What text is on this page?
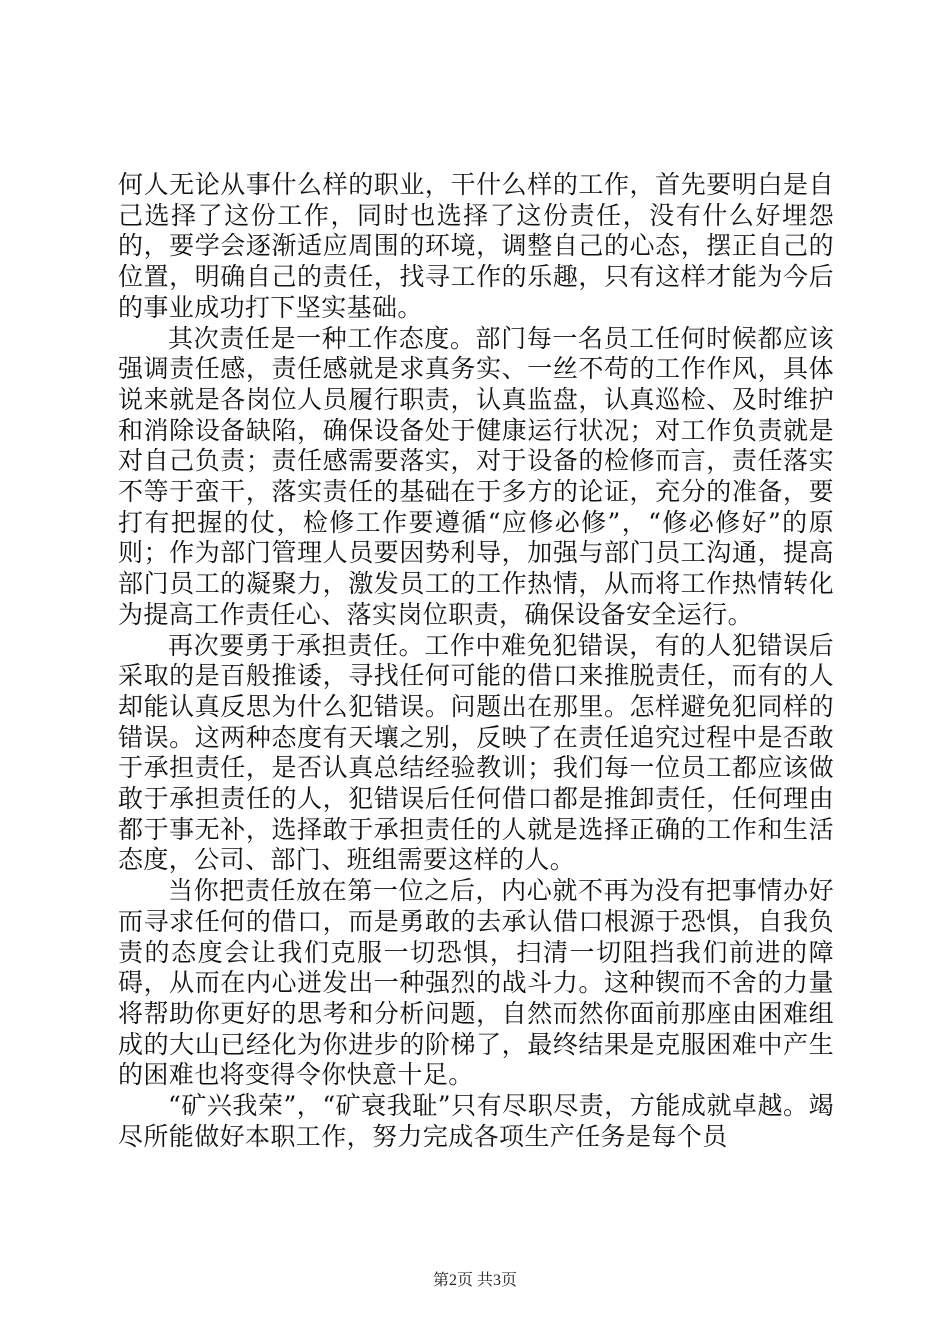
何人无论从事什么样的职业，干什么样的工作，首先要明白是自己选择了这份工作，同时也选择了这份责任，没有什么好埋怨的，要学会逐渐适应周围的环境，调整自己的心态，摆正自己的位置，明确自己的责任，找寻工作的乐趣，只有这样才能为今后的事业成功打下坚实基础。

其次责任是一种工作态度。部门每一名员工任何时候都应该强调责任感，责任感就是求真务实、一丝不苟的工作作风，具体说来就是各岗位人员履行职责，认真监盘，认真巡检、及时维护和消除设备缺陷，确保设备处于健康运行状况；对工作负责就是对自己负责；责任感需要落实，对于设备的检修而言，责任落实不等于蛮干，落实责任的基础在于多方的论证，充分的准备，要打有把握的仗，检修工作要遵循“应修必修”，“修必修好”的原则；作为部门管理人员要因势利导，加强与部门员工沟通，提高部门员工的凝聚力，激发员工的工作热情，从而将工作热情转化为提高工作责任心、落实岗位职责，确保设备安全运行。

再次要勇于承担责任。工作中难免犯错误，有的人犯错误后采取的是百般推诿，寻找任何可能的借口来推脱责任，而有的人却能认真反思为什么犯错误。问题出在那里。怎样避免犯同样的错误。这两种态度有天壤之别，反映了在责任追究过程中是否敢于承担责任，是否认真总结经验教训；我们每一位员工都应该做敢于承担责任的人，犯错误后任何借口都是推卸责任，任何理由都于事无补，选择敢于承担责任的人就是选择正确的工作和生活态度，公司、部门、班组需要这样的人。

当你把责任放在第一位之后，内心就不再为没有把事情办好而寻求任何的借口，而是勇敢的去承认借口根源于恐惧，自我负责的态度会让我们克服一切恐惧，扫清一切阻挡我们前进的障碍，从而在内心迸发出一种强烈的战斗力。这种锲而不舍的力量将帮助你更好的思考和分析问题，自然而然你面前那座由困难组成的大山已经化为你进步的阶梯了，最终结果是克服困难中产生的困难也将变得令你快意十足。

“矿兴我荣”，“矿衰我耻”只有尽职尽责，方能成就卓越。竭尽所能做好本职工作，努力完成各项生产任务是每个员

第2页 共3页
